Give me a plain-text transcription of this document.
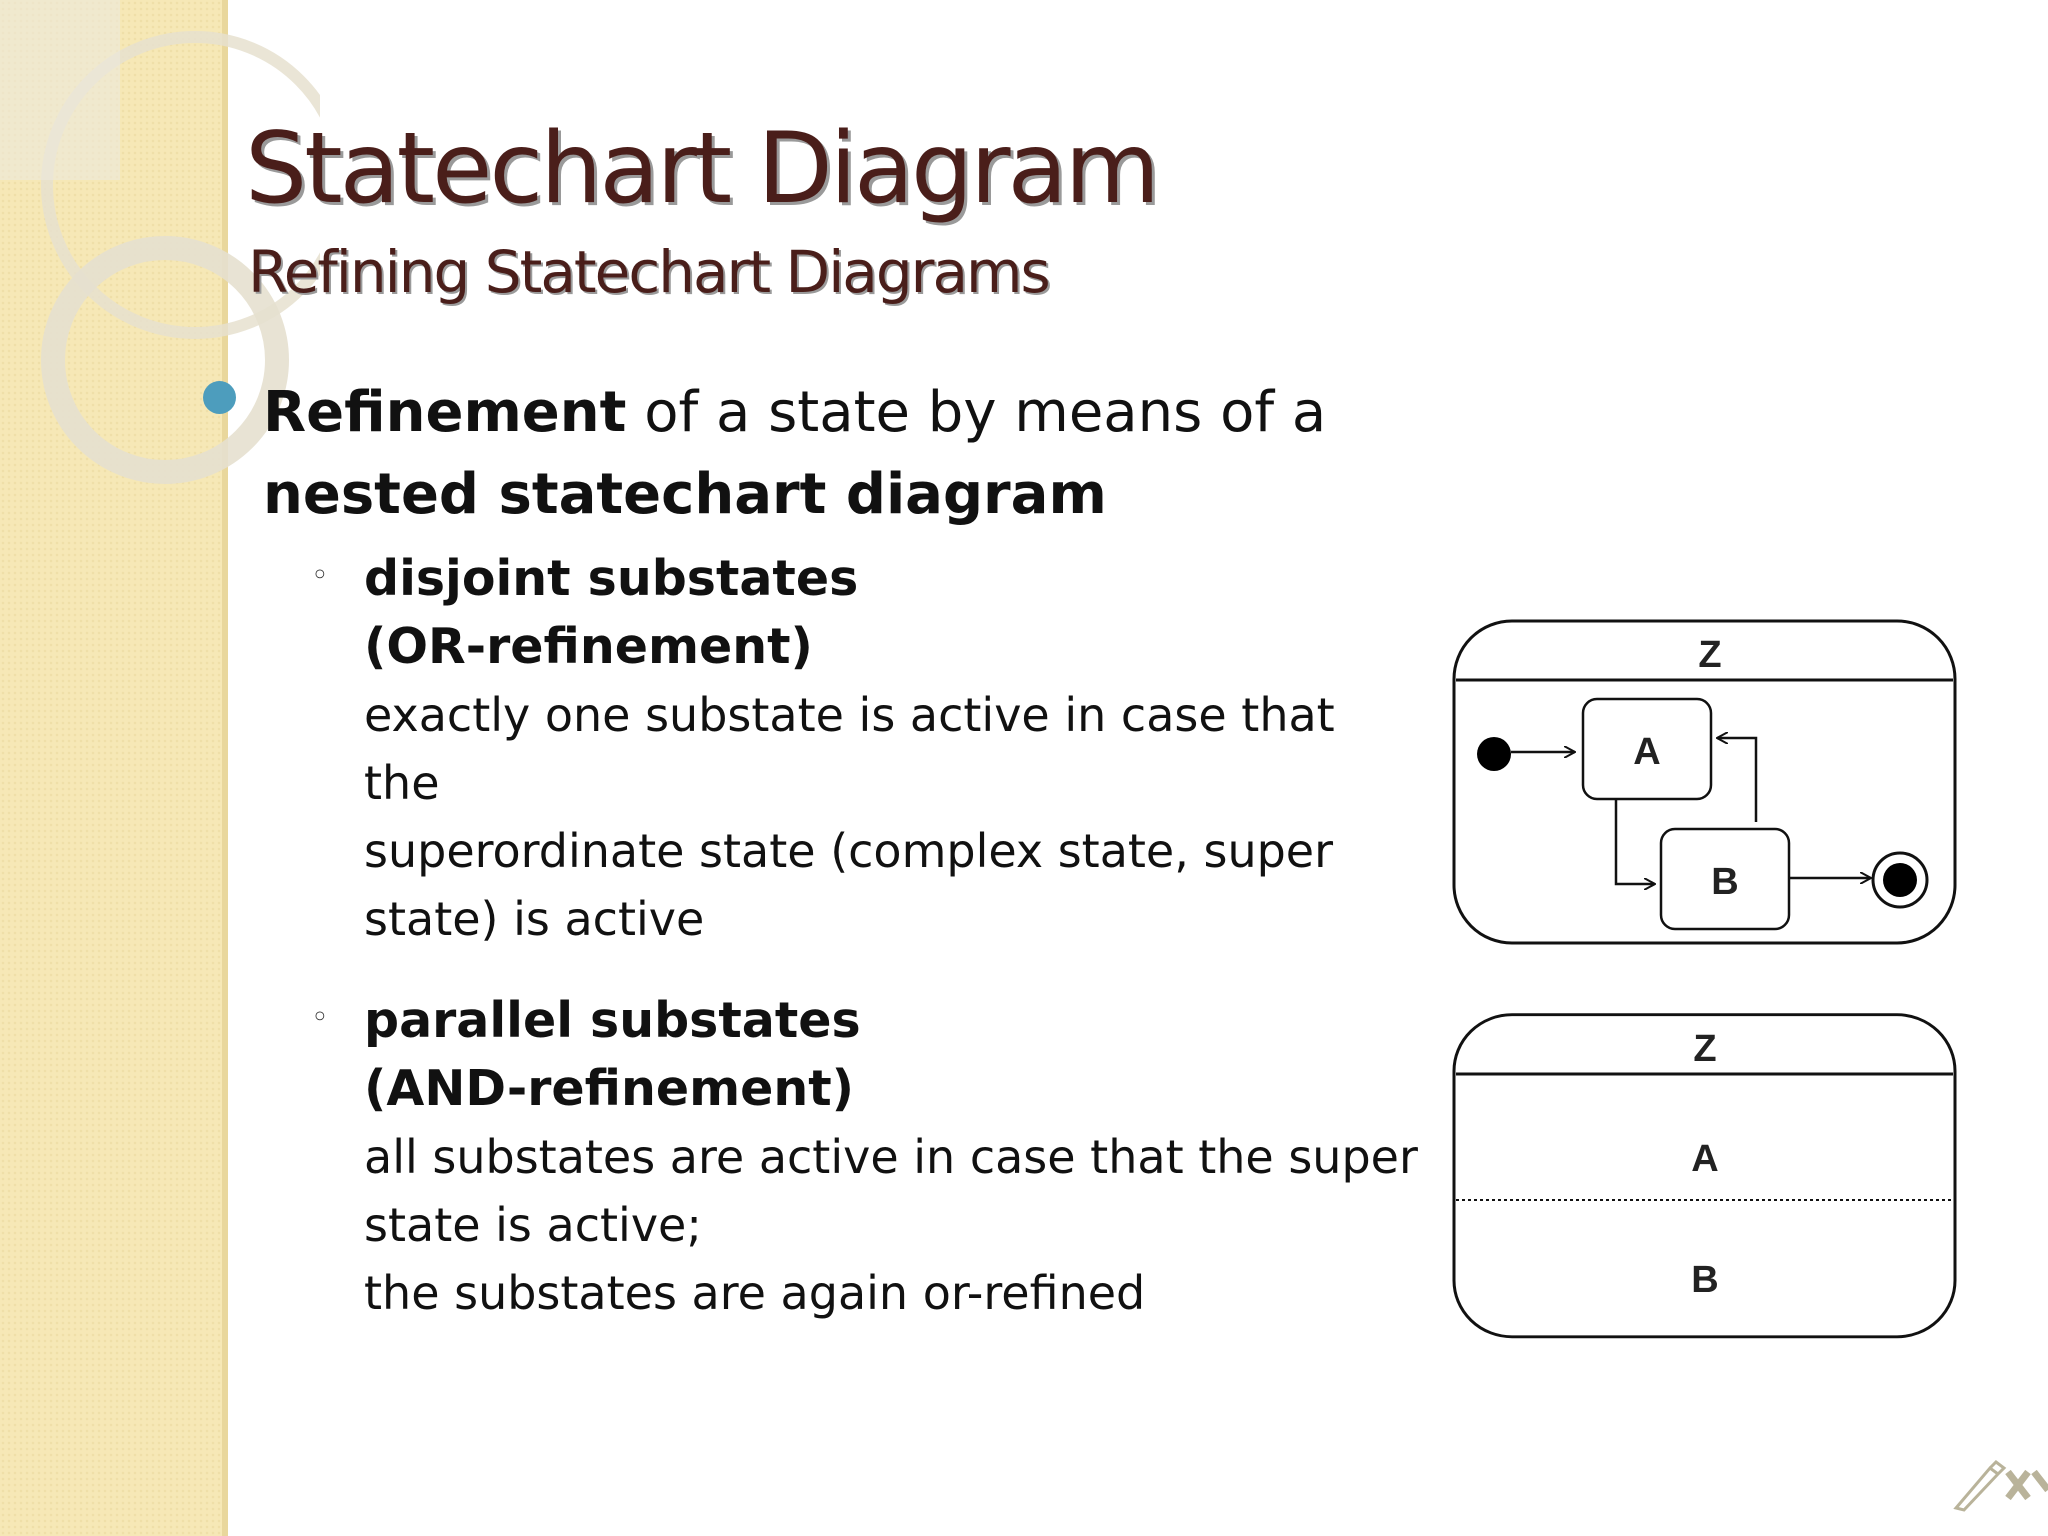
Statechart Diagram
Refining Statechart Diagrams
Refinement of a state by means of a
nested statechart diagram
◦ disjoint substates
(OR-refinement)
exactly one substate is active in case that the
superordinate state (complex state, super
state) is active
◦ parallel substates
(AND-refinement)
all substates are active in case that the super
state is active;
the substates are again or-refined
Z
A
B
Z
A
B
